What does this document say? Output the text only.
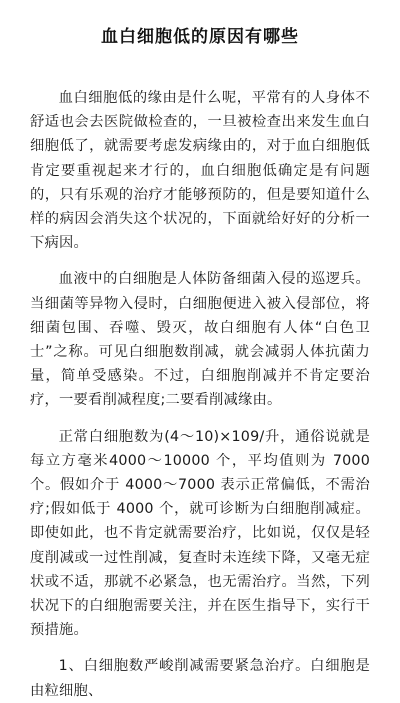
血白细胞低的原因有哪些

血白细胞低的缘由是什么呢，平常有的人身体不舒适也会去医院做检查的，一旦被检查出来发生血白细胞低了，就需要考虑发病缘由的，对于血白细胞低肯定要重视起来才行的，血白细胞低确定是有问题的，只有乐观的治疗才能够预防的，但是要知道什么样的病因会消失这个状况的，下面就给好好的分析一下病因。

血液中的白细胞是人体防备细菌入侵的巡逻兵。当细菌等异物入侵时，白细胞便进入被入侵部位，将细菌包围、吞噬、毁灭，故白细胞有人体“白色卫士”之称。可见白细胞数削减，就会减弱人体抗菌力量，简单受感染。不过，白细胞削减并不肯定要治疗，一要看削减程度;二要看削减缘由。

正常白细胞数为(4～10)×109/升，通俗说就是每立方毫米4000～10000 个，平均值则为 7000 个。假如介于 4000～7000 表示正常偏低，不需治疗;假如低于 4000 个，就可诊断为白细胞削减症。即使如此，也不肯定就需要治疗，比如说，仅仅是轻度削减或一过性削减，复查时未连续下降，又毫无症状或不适，那就不必紧急，也无需治疗。当然，下列状况下的白细胞需要关注，并在医生指导下，实行干预措施。

1、白细胞数严峻削减需要紧急治疗。白细胞是由粒细胞、
